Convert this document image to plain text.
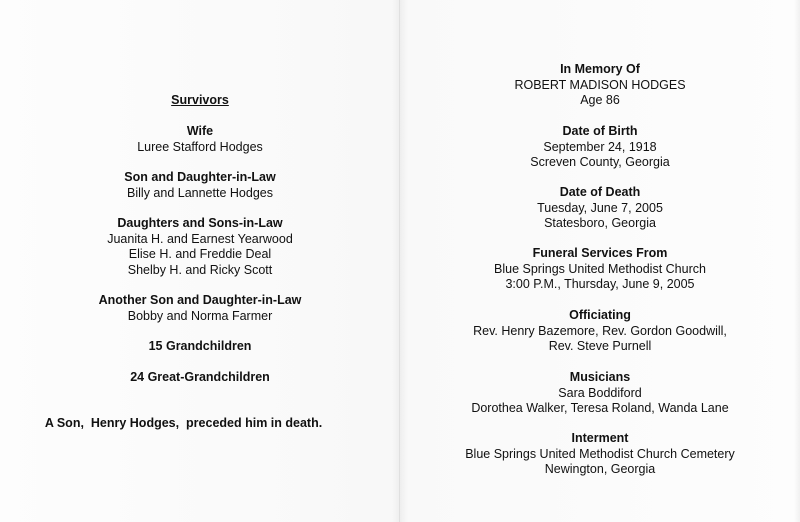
Survivors
Wife
Luree Stafford Hodges
Son and Daughter-in-Law
Billy and Lannette Hodges
Daughters and Sons-in-Law
Juanita H. and Earnest Yearwood
Elise H. and Freddie Deal
Shelby H. and Ricky Scott
Another Son and Daughter-in-Law
Bobby and Norma Farmer
15 Grandchildren
24 Great-Grandchildren
A Son,  Henry Hodges,  preceded him in death.
In Memory Of
ROBERT MADISON HODGES
Age 86
Date of Birth
September 24, 1918
Screven County, Georgia
Date of Death
Tuesday, June 7, 2005
Statesboro, Georgia
Funeral Services From
Blue Springs United Methodist Church
3:00 P.M., Thursday, June 9, 2005
Officiating
Rev. Henry Bazemore, Rev. Gordon Goodwill,
Rev. Steve Purnell
Musicians
Sara Boddiford
Dorothea Walker, Teresa Roland, Wanda Lane
Interment
Blue Springs United Methodist Church Cemetery
Newington, Georgia
